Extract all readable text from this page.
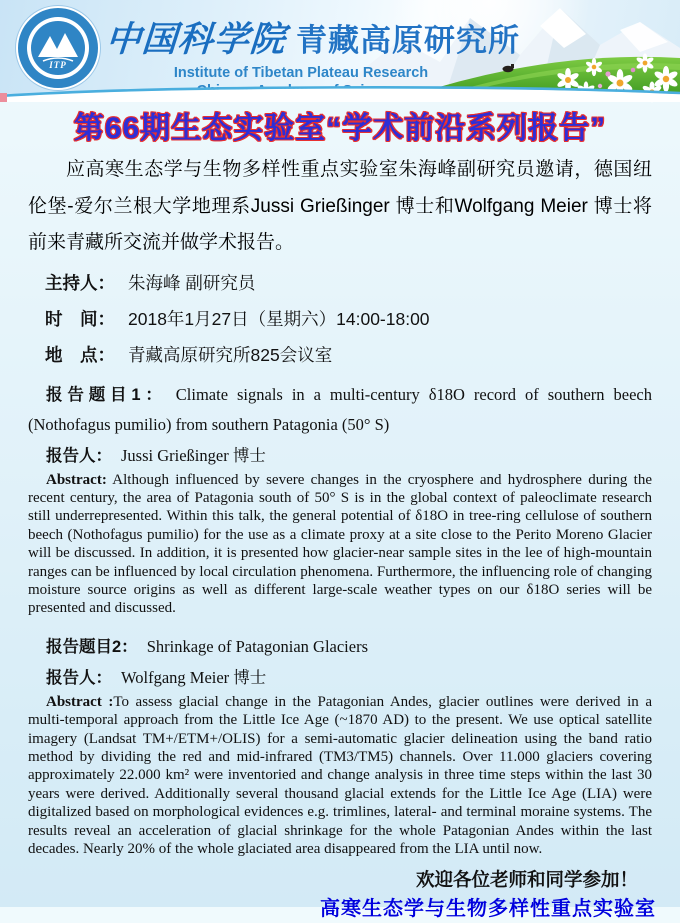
ITP
中国科学院 青藏高原研究所
Institute of Tibetan Plateau Research
第66期生态实验室“学术前沿系列报告”

应高寒生态学与生物多样性重点实验室朱海峰副研究员邀请，德国纽伦堡-爱尔兰根大学地理系Jussi Grießinger 博士和Wolfgang Meier 博士将前来青藏所交流并做学术报告。

主持人： 朱海峰 副研究员
时　间： 2018年1月27日（星期六）14:00-18:00
地　点： 青藏高原研究所825会议室

报告题目1： Climate signals in a multi-century δ18O record of southern beech (Nothofagus pumilio) from southern Patagonia (50° S)

报告人： Jussi Grießinger 博士

Abstract: Although influenced by severe changes in the cryosphere and hydrosphere during the recent century, the area of Patagonia south of 50° S is in the global context of paleoclimate research still underrepresented. Within this talk, the general potential of δ18O in tree-ring cellulose of southern beech (Nothofagus pumilio) for the use as a climate proxy at a site close to the Perito Moreno Glacier will be discussed. In addition, it is presented how glacier-near sample sites in the lee of high-mountain ranges can be influenced by local circulation phenomena. Furthermore, the influencing role of changing moisture source origins as well as different large-scale weather types on our δ18O series will be presented and discussed.

报告题目2： Shrinkage of Patagonian Glaciers

报告人： Wolfgang Meier 博士

Abstract :To assess glacial change in the Patagonian Andes, glacier outlines were derived in a multi-temporal approach from the Little Ice Age (~1870 AD) to the present. We use optical satellite imagery (Landsat TM+/ETM+/OLIS) for a semi-automatic glacier delineation using the band ratio method by dividing the red and mid-infrared (TM3/TM5) channels. Over 11.000 glaciers covering approximately 22.000 km² were inventoried and change analysis in three time steps within the last 30 years were derived. Additionally several thousand glacial extends for the Little Ice Age (LIA) were digitalized based on morphological evidences e.g. trimlines, lateral- and terminal moraine systems. The results reveal an acceleration of glacial shrinkage for the whole Patagonian Andes within the last decades. Nearly 20% of the whole glaciated area disappeared from the LIA until now.

欢迎各位老师和同学参加！

高寒生态学与生物多样性重点实验室
